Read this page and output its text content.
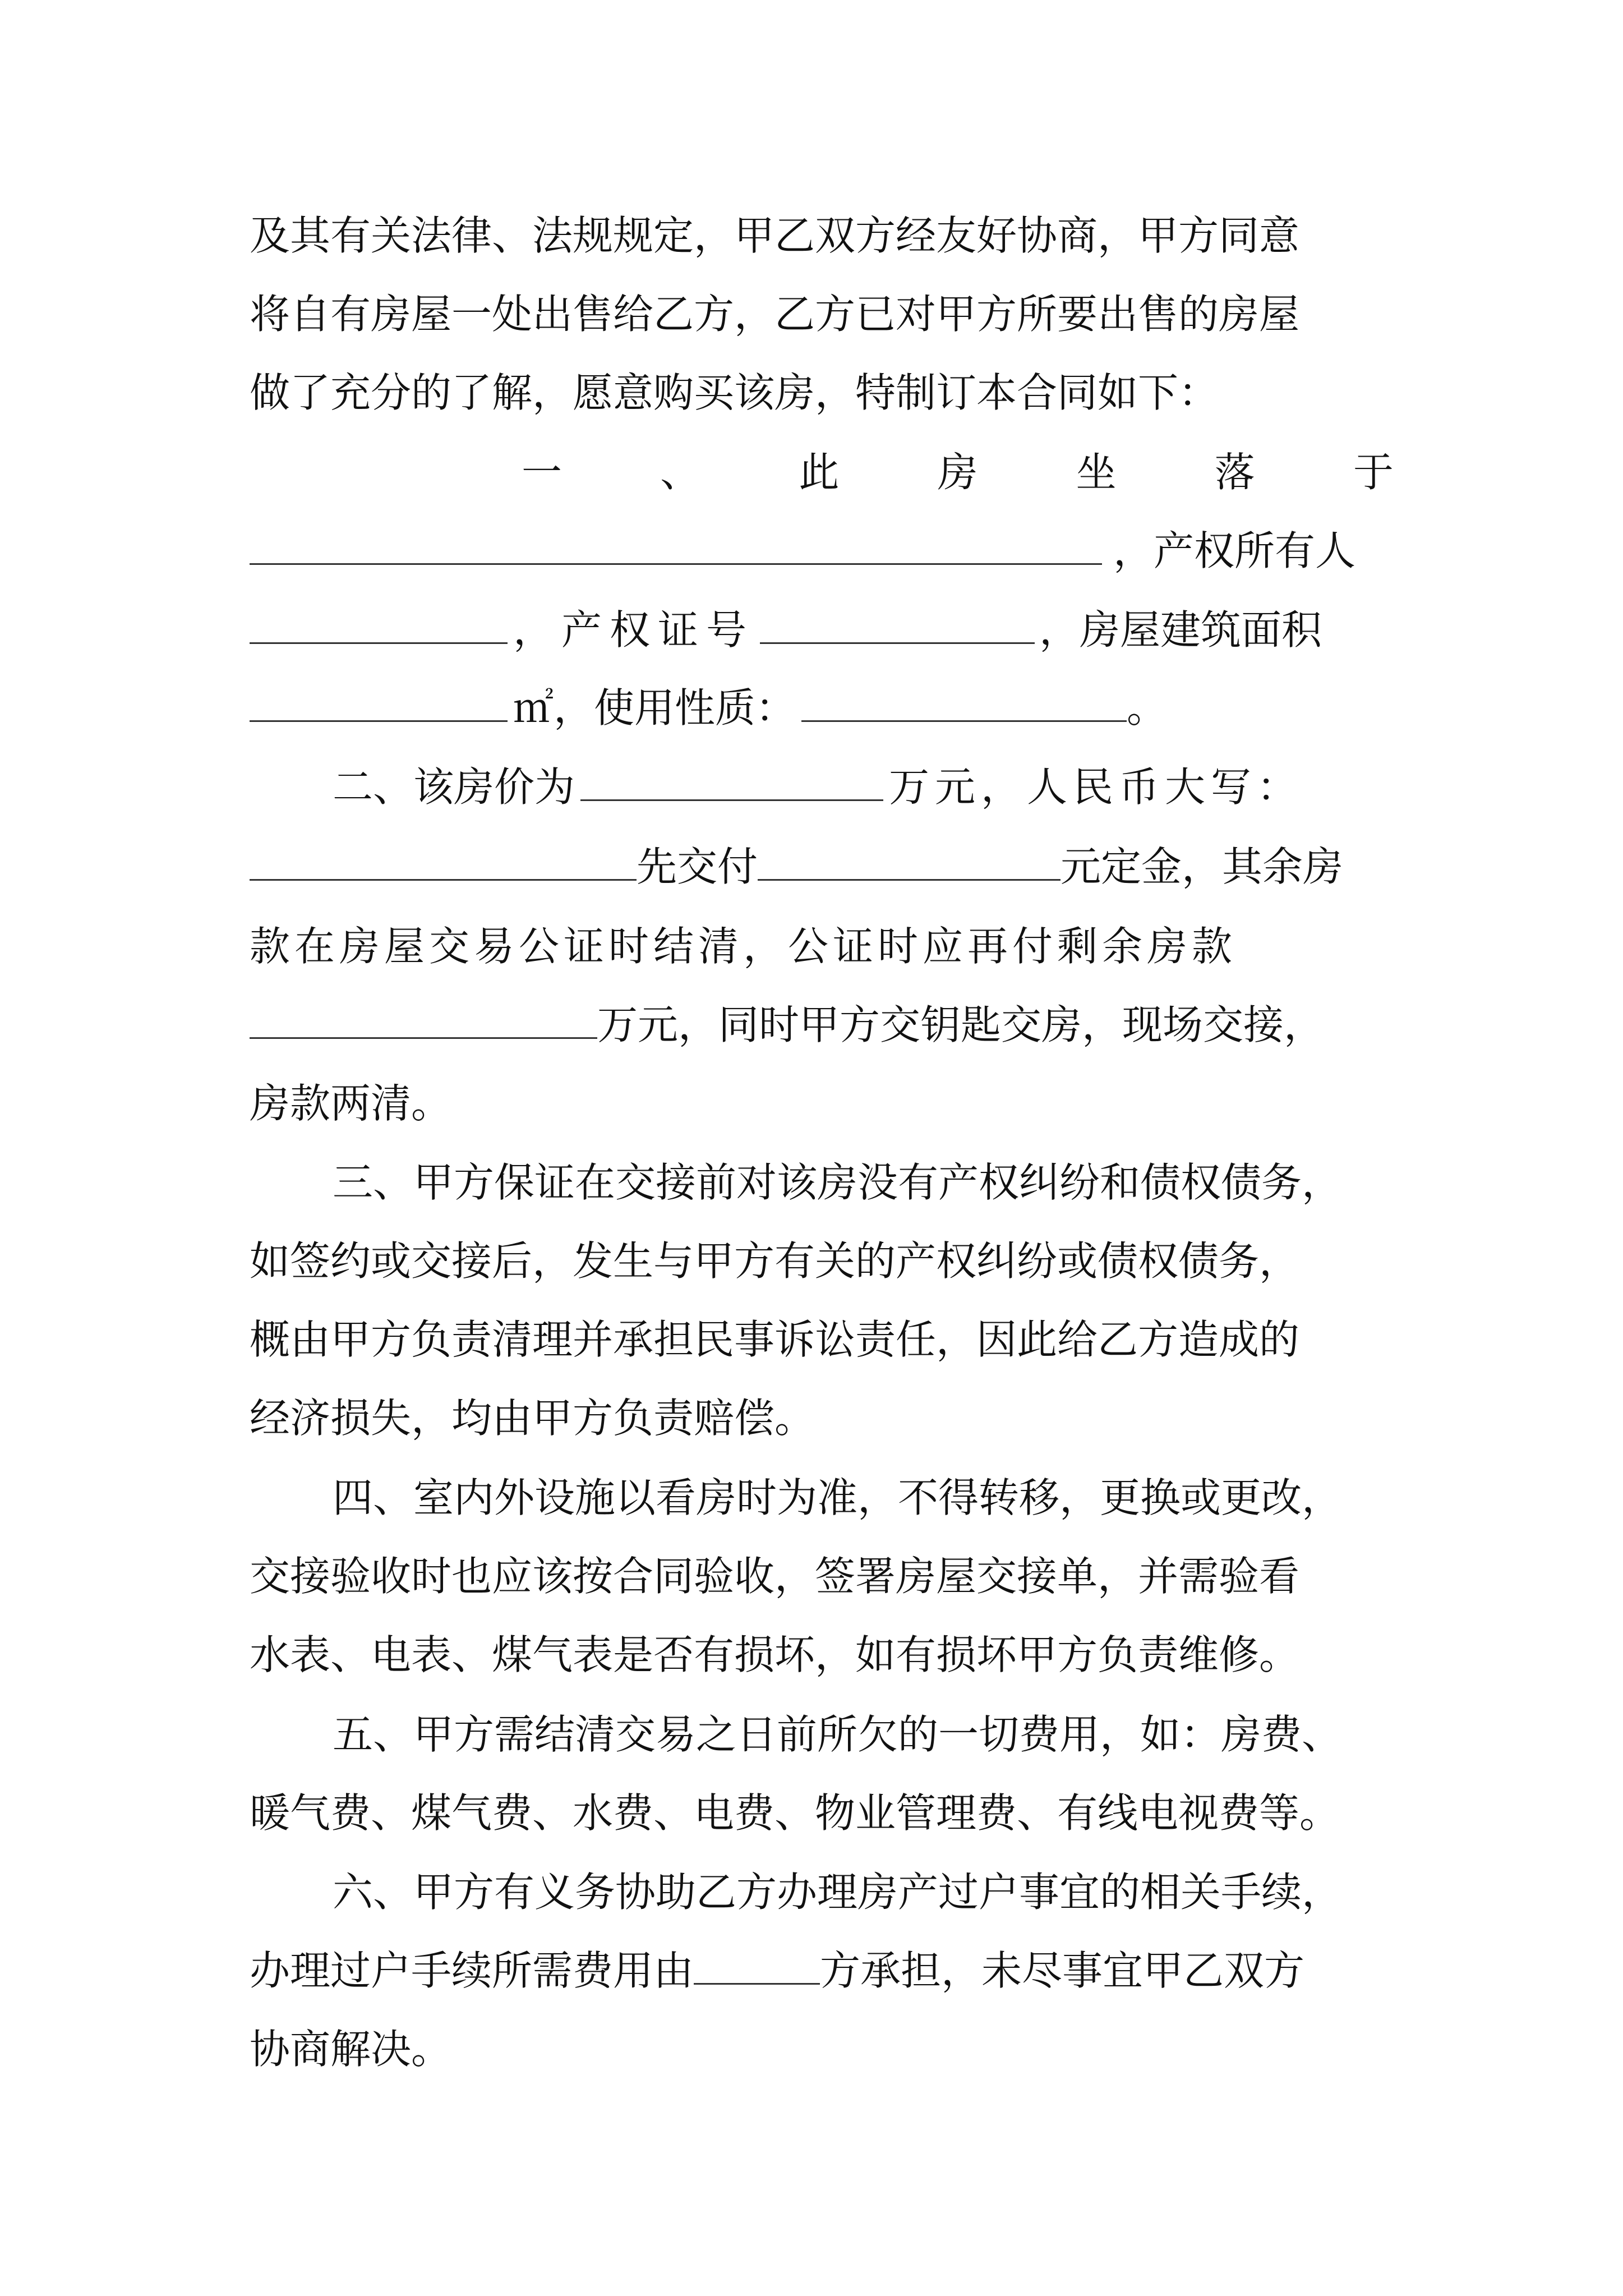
及其有关法律、法规规定，甲乙双方经友好协商，甲方同意
将自有房屋一处出售给乙方，乙方已对甲方所要出售的房屋
做了充分的了解，愿意购买该房，特制订本合同如下：
一 、 此 房 坐 落 于
，产权所有人
，产权证号	，房屋建筑面积
㎡，使用性质：	。
二、该房价为	万元，人民币大写：
先交付	元定金，其余房
款在房屋交易公证时结清，公证时应再付剩余房款
万元，同时甲方交钥匙交房，现场交接，
房款两清。
三、甲方保证在交接前对该房没有产权纠纷和债权债务，
如签约或交接后，发生与甲方有关的产权纠纷或债权债务，
概由甲方负责清理并承担民事诉讼责任，因此给乙方造成的
经济损失，均由甲方负责赔偿。
四、室内外设施以看房时为准，不得转移，更换或更改，
交接验收时也应该按合同验收，签署房屋交接单，并需验看
水表、电表、煤气表是否有损坏，如有损坏甲方负责维修。
五、甲方需结清交易之日前所欠的一切费用，如：房费、
暖气费、煤气费、水费、电费、物业管理费、有线电视费等。
六、甲方有义务协助乙方办理房产过户事宜的相关手续，
办理过户手续所需费用由	方承担，未尽事宜甲乙双方
协商解决。
